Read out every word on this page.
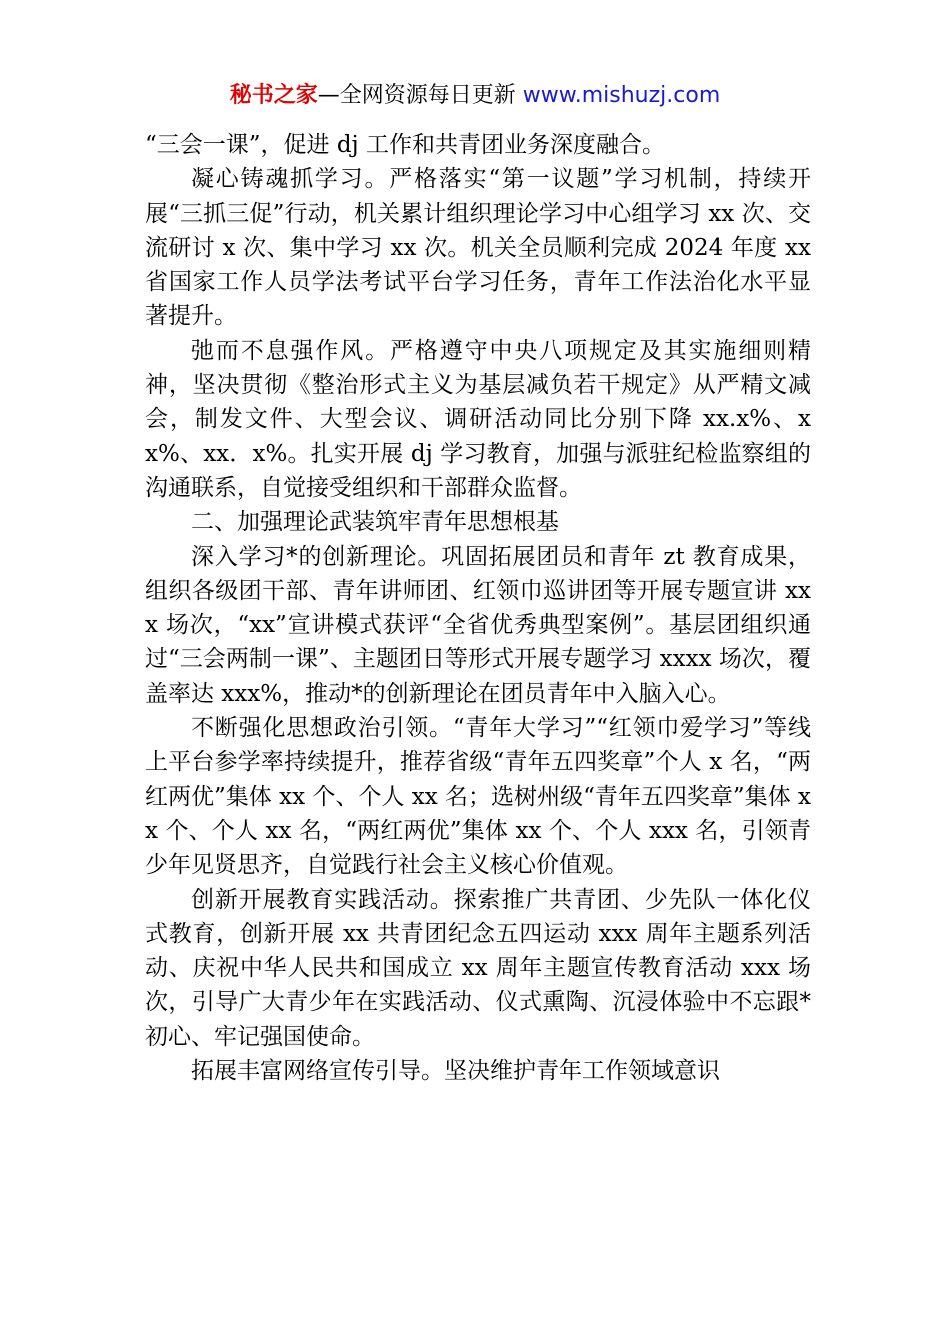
秘书之家—全网资源每日更新 www.mishuzj.com

“三会一课”，促进 dj 工作和共青团业务深度融合。

凝心铸魂抓学习。严格落实“第一议题”学习机制，持续开展“三抓三促”行动，机关累计组织理论学习中心组学习 xx 次、交流研讨 x 次、集中学习 xx 次。机关全员顺利完成 2024 年度 xx 省国家工作人员学法考试平台学习任务，青年工作法治化水平显著提升。

弛而不息强作风。严格遵守中央八项规定及其实施细则精神，坚决贯彻《整治形式主义为基层减负若干规定》从严精文减会，制发文件、大型会议、调研活动同比分别下降 xx.x%、xx%、xx．x%。扎实开展 dj 学习教育，加强与派驻纪检监察组的沟通联系，自觉接受组织和干部群众监督。

二、加强理论武装筑牢青年思想根基

深入学习*的创新理论。巩固拓展团员和青年 zt 教育成果，组织各级团干部、青年讲师团、红领巾巡讲团等开展专题宣讲 xxx 场次，“xx”宣讲模式获评“全省优秀典型案例”。基层团组织通过“三会两制一课”、主题团日等形式开展专题学习 xxxx 场次，覆盖率达 xxx%，推动*的创新理论在团员青年中入脑入心。

不断强化思想政治引领。“青年大学习”“红领巾爱学习”等线上平台参学率持续提升，推荐省级“青年五四奖章”个人 x 名，“两红两优”集体 xx 个、个人 xx 名；选树州级“青年五四奖章”集体 xx 个、个人 xx 名，“两红两优”集体 xx 个、个人 xxx 名，引领青少年见贤思齐，自觉践行社会主义核心价值观。

创新开展教育实践活动。探索推广共青团、少先队一体化仪式教育，创新开展 xx 共青团纪念五四运动 xxx 周年主题系列活动、庆祝中华人民共和国成立 xx 周年主题宣传教育活动 xxx 场次，引导广大青少年在实践活动、仪式熏陶、沉浸体验中不忘跟*初心、牢记强国使命。

拓展丰富网络宣传引导。坚决维护青年工作领域意识
